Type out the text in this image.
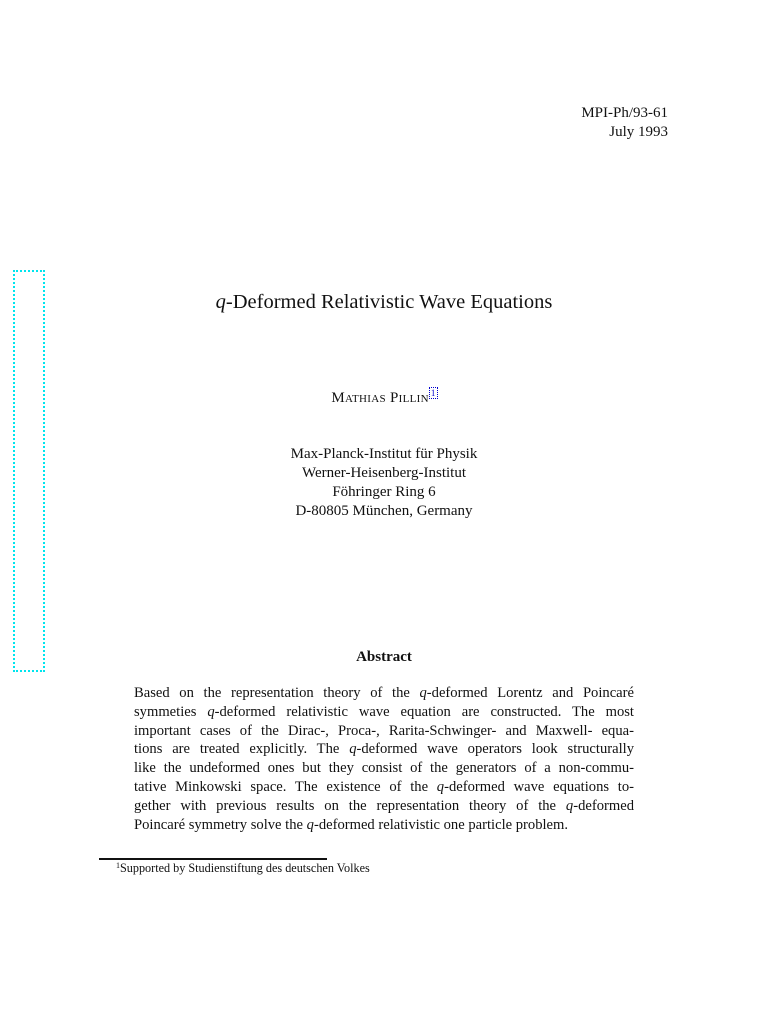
MPI-Ph/93-61
July 1993
q-Deformed Relativistic Wave Equations
Mathias Pillin $^1$
Max-Planck-Institut für Physik
Werner-Heisenberg-Institut
Föhringer Ring 6
D-80805 München, Germany
Abstract
Based on the representation theory of the q-deformed Lorentz and Poincaré
symmeties q-deformed relativistic wave equation are constructed. The most
important cases of the Dirac-, Proca-, Rarita-Schwinger- and Maxwell- equa-
tions are treated explicitly. The q-deformed wave operators look structurally
like the undeformed ones but they consist of the generators of a non-commu-
tative Minkowski space. The existence of the q-deformed wave equations to-
gether with previous results on the representation theory of the q-deformed
Poincaré symmetry solve the q-deformed relativistic one particle problem.
$^1$Supported by Studienstiftung des deutschen Volkes
